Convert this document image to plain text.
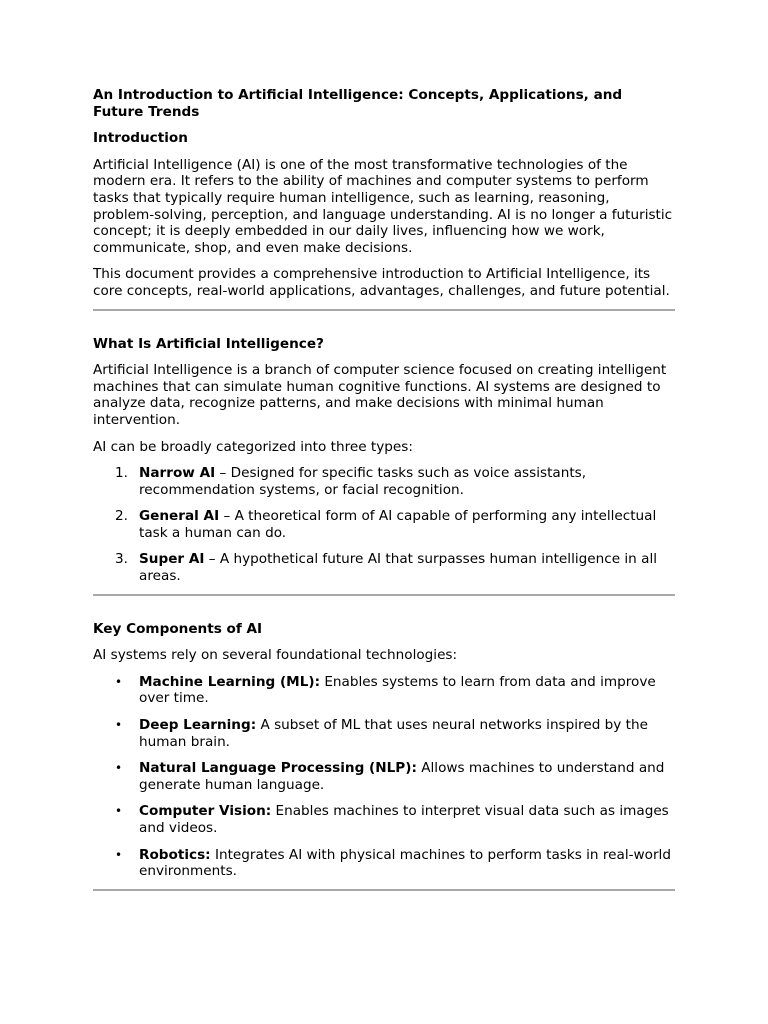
An Introduction to Artificial Intelligence: Concepts, Applications, and Future Trends
Introduction

Artificial Intelligence (AI) is one of the most transformative technologies of the modern era. It refers to the ability of machines and computer systems to perform tasks that typically require human intelligence, such as learning, reasoning, problem-solving, perception, and language understanding. AI is no longer a futuristic concept; it is deeply embedded in our daily lives, influencing how we work, communicate, shop, and even make decisions.

This document provides a comprehensive introduction to Artificial Intelligence, its core concepts, real-world applications, advantages, challenges, and future potential.

What Is Artificial Intelligence?

Artificial Intelligence is a branch of computer science focused on creating intelligent machines that can simulate human cognitive functions. AI systems are designed to analyze data, recognize patterns, and make decisions with minimal human intervention.

AI can be broadly categorized into three types:

1. Narrow AI – Designed for specific tasks such as voice assistants, recommendation systems, or facial recognition.
2. General AI – A theoretical form of AI capable of performing any intellectual task a human can do.
3. Super AI – A hypothetical future AI that surpasses human intelligence in all areas.
Key Components of AI

AI systems rely on several foundational technologies:

• Machine Learning (ML): Enables systems to learn from data and improve over time.
• Deep Learning: A subset of ML that uses neural networks inspired by the human brain.
• Natural Language Processing (NLP): Allows machines to understand and generate human language.
• Computer Vision: Enables machines to interpret visual data such as images and videos.
• Robotics: Integrates AI with physical machines to perform tasks in real-world environments.
